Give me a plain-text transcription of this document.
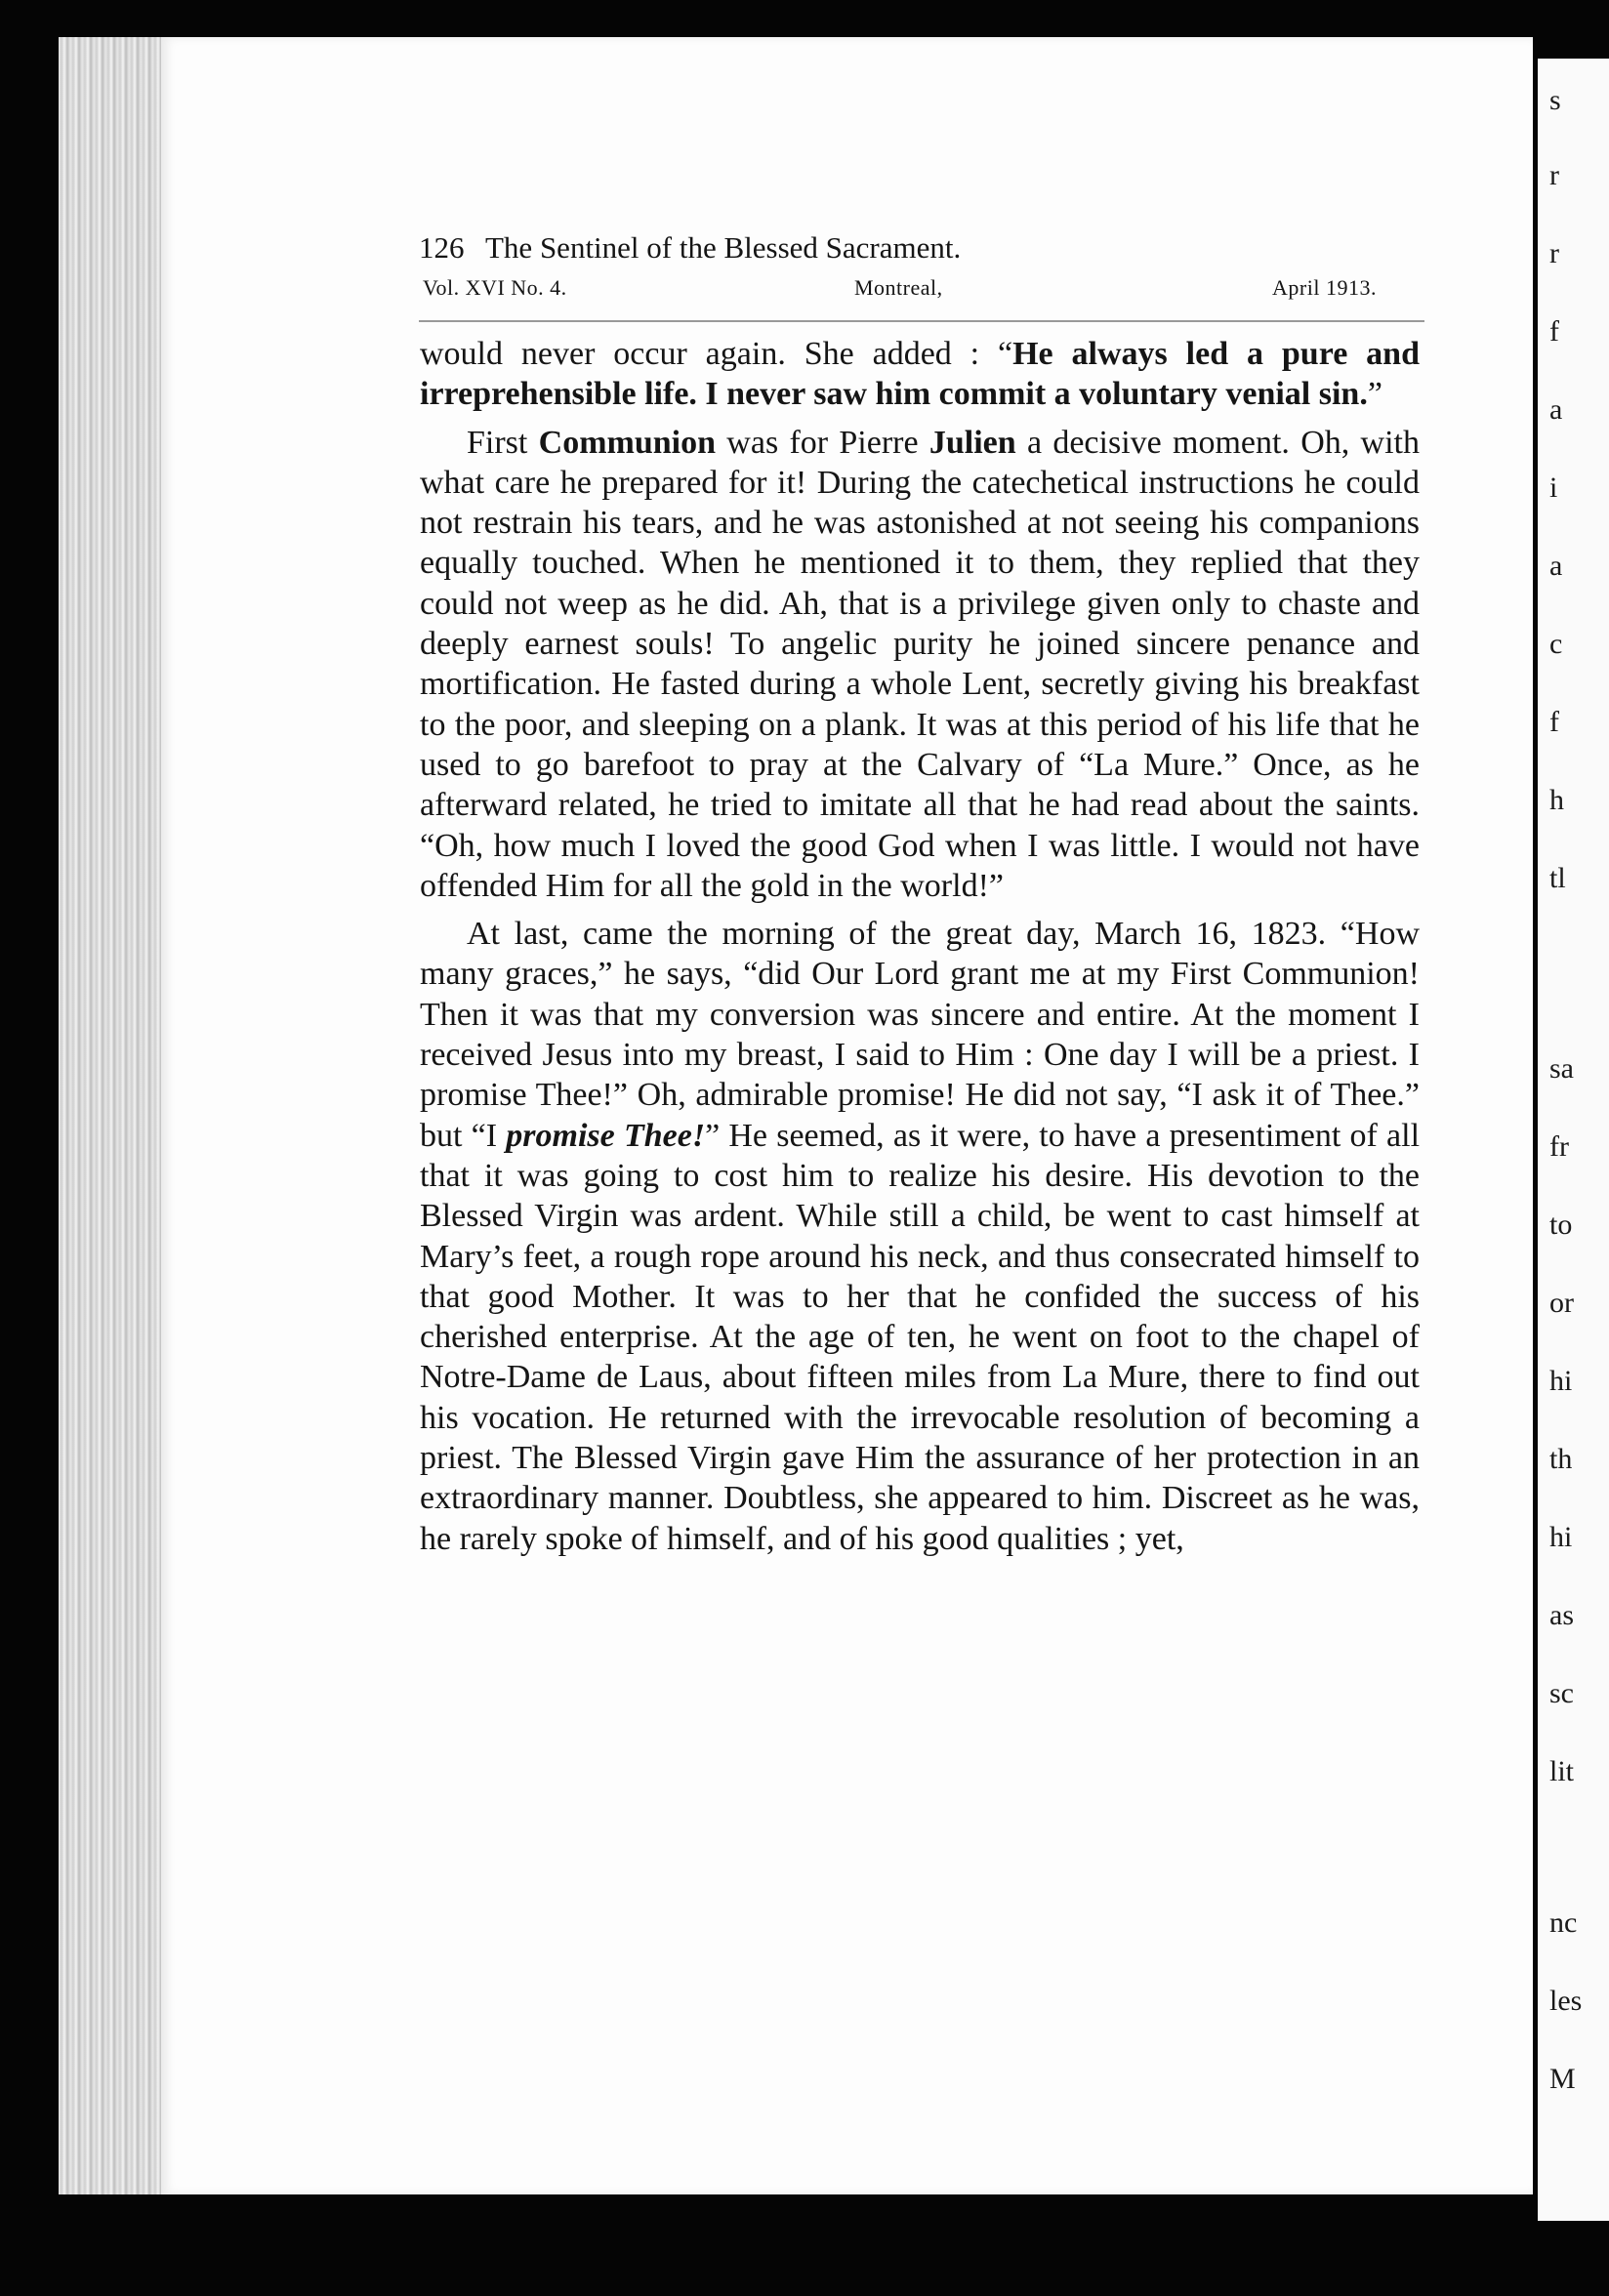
s
r
r
f
a
i
a
c
f
h
tl
sa
fr
to
or
hi
th
hi
as
sc
lit
nc
les
M
126 The Sentinel of the Blessed Sacrament.
Vol. XVI No. 4.	Montreal,	April 1913.

would never occur again. She added : “He always led a pure and irreprehensible life. I never saw him commit a voluntary venial sin.”

First Communion was for Pierre Julien a decisive moment. Oh, with what care he prepared for it! During the catechetical instructions he could not restrain his tears, and he was astonished at not seeing his companions equally touched. When he mentioned it to them, they replied that they could not weep as he did. Ah, that is a privilege given only to chaste and deeply earnest souls! To angelic purity he joined sincere penance and mortification. He fasted during a whole Lent, secretly giving his breakfast to the poor, and sleeping on a plank. It was at this period of his life that he used to go barefoot to pray at the Calvary of “La Mure.” Once, as he afterward related, he tried to imitate all that he had read about the saints. “Oh, how much I loved the good God when I was little. I would not have offended Him for all the gold in the world!”

At last, came the morning of the great day, March 16, 1823. “How many graces,” he says, “did Our Lord grant me at my First Communion! Then it was that my conversion was sincere and entire. At the moment I received Jesus into my breast, I said to Him : One day I will be a priest. I promise Thee!” Oh, admirable promise! He did not say, “I ask it of Thee.” but “I promise Thee!” He seemed, as it were, to have a presentiment of all that it was going to cost him to realize his desire. His devotion to the Blessed Virgin was ardent. While still a child, be went to cast himself at Mary’s feet, a rough rope around his neck, and thus consecrated himself to that good Mother. It was to her that he confided the success of his cherished enterprise. At the age of ten, he went on foot to the chapel of Notre-Dame de Laus, about fifteen miles from La Mure, there to find out his vocation. He returned with the irrevocable resolution of becoming a priest. The Blessed Virgin gave Him the assurance of her protection in an extraordinary manner. Doubtless, she appeared to him. Discreet as he was, he rarely spoke of himself, and of his good qualities ; yet,
